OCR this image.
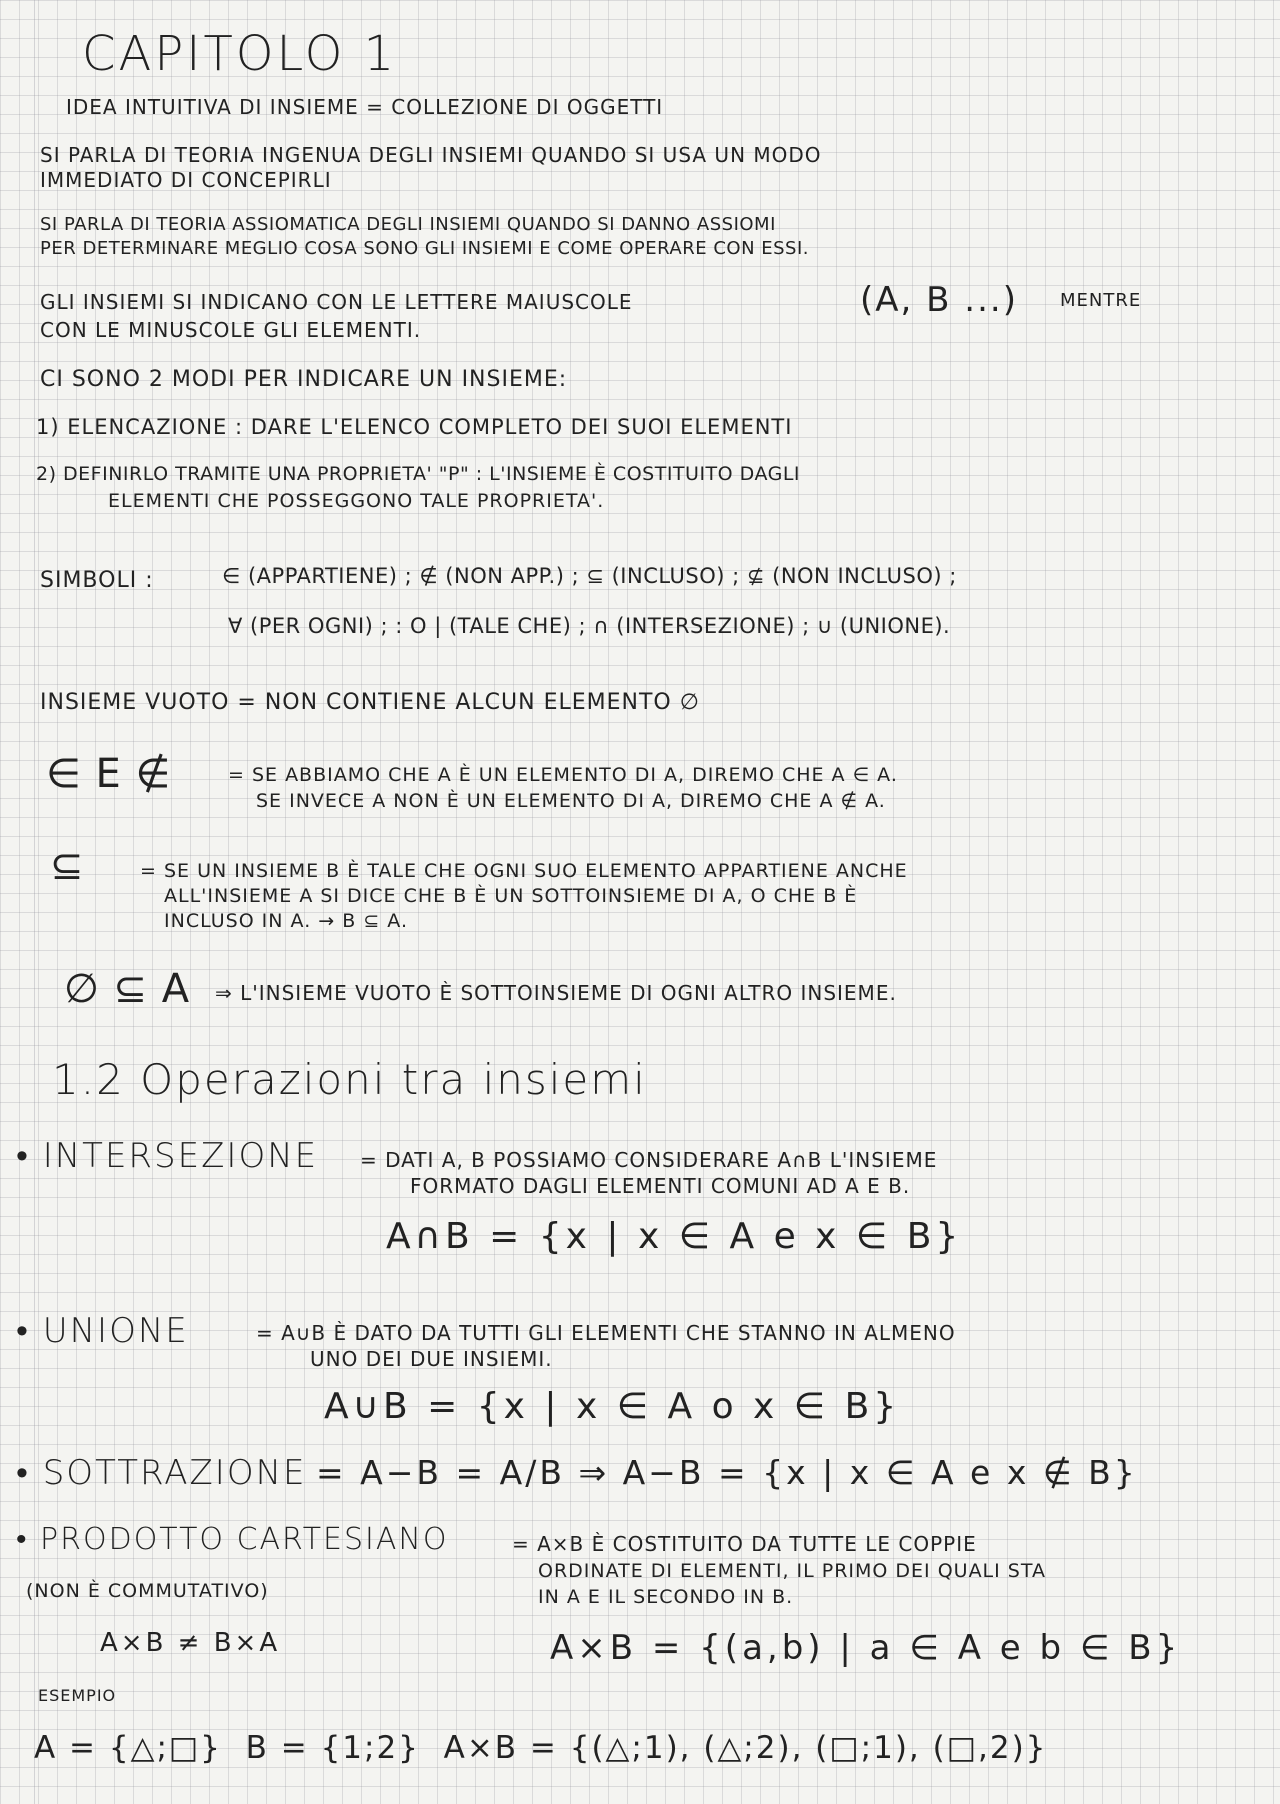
CAPITOLO 1

IDEA INTUITIVA DI INSIEME = COLLEZIONE DI OGGETTI

SI PARLA DI TEORIA INGENUA DEGLI INSIEMI QUANDO SI USA UN MODO

IMMEDIATO DI CONCEPIRLI

SI PARLA DI TEORIA ASSIOMATICA DEGLI INSIEMI QUANDO SI DANNO ASSIOMI

PER DETERMINARE MEGLIO COSA SONO GLI INSIEMI E COME OPERARE CON ESSI.

GLI INSIEMI SI INDICANO CON LE LETTERE MAIUSCOLE	(A, B ...) MENTRE

CON LE MINUSCOLE GLI ELEMENTI.

CI SONO 2 MODI PER INDICARE UN INSIEME:

1) ELENCAZIONE : DARE L'ELENCO COMPLETO DEI SUOI ELEMENTI

2) DEFINIRLO TRAMITE UNA PROPRIETA' "P" : L'INSIEME È COSTITUITO DAGLI

ELEMENTI CHE POSSEGGONO TALE PROPRIETA'.

SIMBOLI :	∈ (APPARTIENE) ; ∉ (NON APP.) ; ⊆ (INCLUSO) ; ⊈ (NON INCLUSO) ;

∀ (PER OGNI) ; : O | (TALE CHE) ; ∩ (INTERSEZIONE) ; ∪ (UNIONE).

INSIEME VUOTO = NON CONTIENE ALCUN ELEMENTO ∅

∈ E ∉	= SE ABBIAMO CHE A È UN ELEMENTO DI A, DIREMO CHE A ∈ A.

SE INVECE A NON È UN ELEMENTO DI A, DIREMO CHE A ∉ A.

⊆	= SE UN INSIEME B È TALE CHE OGNI SUO ELEMENTO APPARTIENE ANCHE

ALL'INSIEME A SI DICE CHE B È UN SOTTOINSIEME DI A, O CHE B È

INCLUSO IN A. → B ⊆ A.

∅ ⊆ A ⇒ L'INSIEME VUOTO È SOTTOINSIEME DI OGNI ALTRO INSIEME.

1.2 Operazioni tra insiemi

• INTERSEZIONE = DATI A, B POSSIAMO CONSIDERARE A∩B L'INSIEME

FORMATO DAGLI ELEMENTI COMUNI AD A E B.

A∩B = {x | x ∈ A e x ∈ B}

• UNIONE	= A∪B È DATO DA TUTTI GLI ELEMENTI CHE STANNO IN ALMENO

UNO DEI DUE INSIEMI.

A∪B = {x | x ∈ A o x ∈ B}

• SOTTRAZIONE = A−B = A/B ⇒ A−B = {x | x ∈ A e x ∉ B}

• PRODOTTO CARTESIANO	= A×B È COSTITUITO DA TUTTE LE COPPIE

ORDINATE DI ELEMENTI, IL PRIMO DEI QUALI STA

IN A E IL SECONDO IN B.

(NON È COMMUTATIVO)

A×B ≠ B×A	A×B = {(a,b) | a ∈ A e b ∈ B}

ESEMPIO

A = {△;□}  B = {1;2}  A×B = {(△;1), (△;2), (□;1), (□,2)}
